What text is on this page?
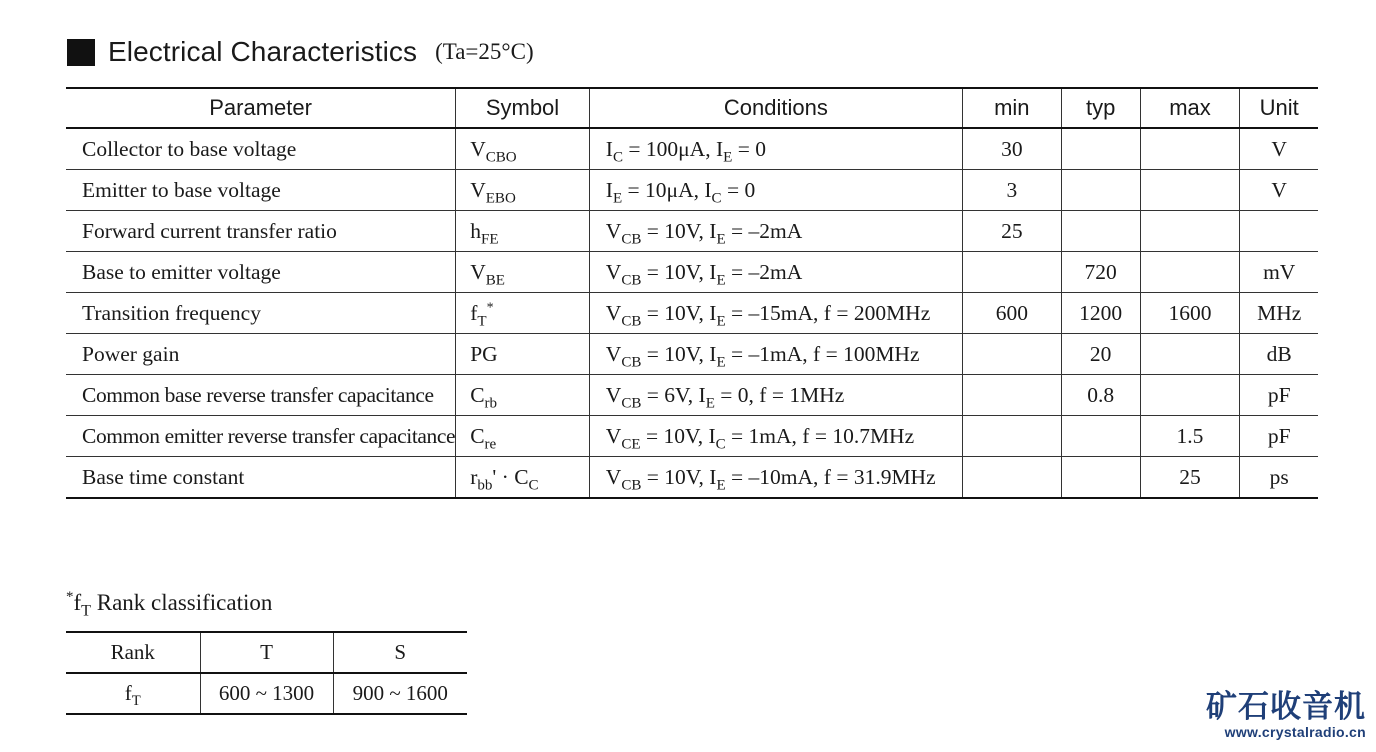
Electrical Characteristics (Ta=25°C)
Parameter	Symbol	Conditions	min	typ	max	Unit
Collector to base voltage	$V_{CBO}$	$I_C = 100\mu A$, $I_E = 0$	30			V
Emitter to base voltage	$V_{EBO}$	$I_E = 10\mu A$, $I_C = 0$	3			V
Forward current transfer ratio	$h_{FE}$	$V_{CB} = 10V$, $I_E = -2mA$	25			
Base to emitter voltage	$V_{BE}$	$V_{CB} = 10V$, $I_E = -2mA$		720		mV
Transition frequency	$f_T^*$	$V_{CB} = 10V$, $I_E = -15mA$, f = 200MHz	600	1200	1600	MHz
Power gain	PG	$V_{CB} = 10V$, $I_E = -1mA$, f = 100MHz		20		dB
Common base reverse transfer capacitance	$C_{rb}$	$V_{CB} = 6V$, $I_E = 0$, f = 1MHz		0.8		pF
Common emitter reverse transfer capacitance	$C_{re}$	$V_{CE} = 10V$, $I_C = 1mA$, f = 10.7MHz			1.5	pF
Base time constant	$r_{bb}' \cdot C_C$	$V_{CB} = 10V$, $I_E = -10mA$, f = 31.9MHz			25	ps
$^*f_T$ Rank classification
Rank	T	S
$f_T$	600 ~ 1300	900 ~ 1600	矿石收音机
www.crystalradio.cn
